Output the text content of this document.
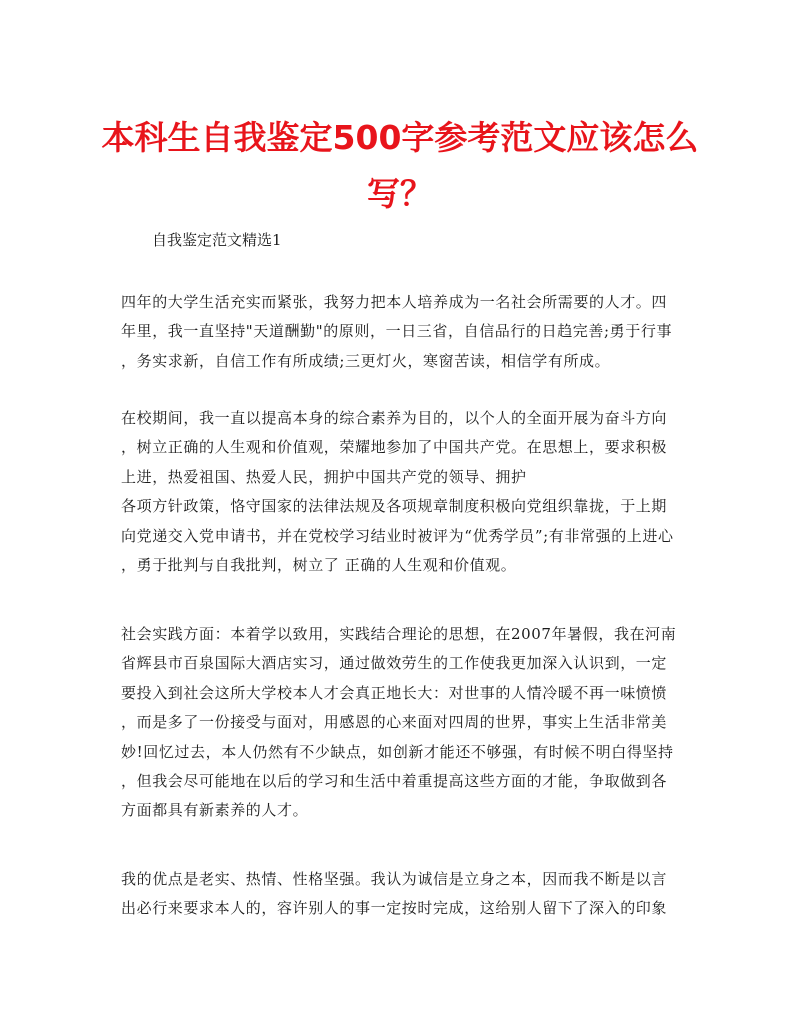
本科生自我鉴定500字参考范文应该怎么
写？
自我鉴定范文精选1
四年的大学生活充实而紧张，我努力把本人培养成为一名社会所需要的人才。四
年里，我一直坚持"天道酬勤"的原则，一日三省，自信品行的日趋完善;勇于行事
，务实求新，自信工作有所成绩;三更灯火，寒窗苦读，相信学有所成。
在校期间，我一直以提高本身的综合素养为目的，以个人的全面开展为奋斗方向
，树立正确的人生观和价值观，荣耀地参加了中国共产党。在思想上，要求积极
上进，热爱祖国、热爱人民，拥护中国共产党的领导、拥护
各项方针政策，恪守国家的法律法规及各项规章制度积极向党组织靠拢，于上期
向党递交入党申请书，并在党校学习结业时被评为“优秀学员”;有非常强的上进心
，勇于批判与自我批判，树立了 正确的人生观和价值观。
社会实践方面：本着学以致用，实践结合理论的思想，在2007年暑假，我在河南
省辉县市百泉国际大酒店实习，通过做效劳生的工作使我更加深入认识到，一定
要投入到社会这所大学校本人才会真正地长大：对世事的人情冷暖不再一味愤愤
，而是多了一份接受与面对，用感恩的心来面对四周的世界，事实上生活非常美
妙!回忆过去，本人仍然有不少缺点，如创新才能还不够强，有时候不明白得坚持
，但我会尽可能地在以后的学习和生活中着重提高这些方面的才能，争取做到各
方面都具有新素养的人才。
我的优点是老实、热情、性格坚强。我认为诚信是立身之本，因而我不断是以言
出必行来要求本人的，容许别人的事一定按时完成，这给别人留下了深入的印象
